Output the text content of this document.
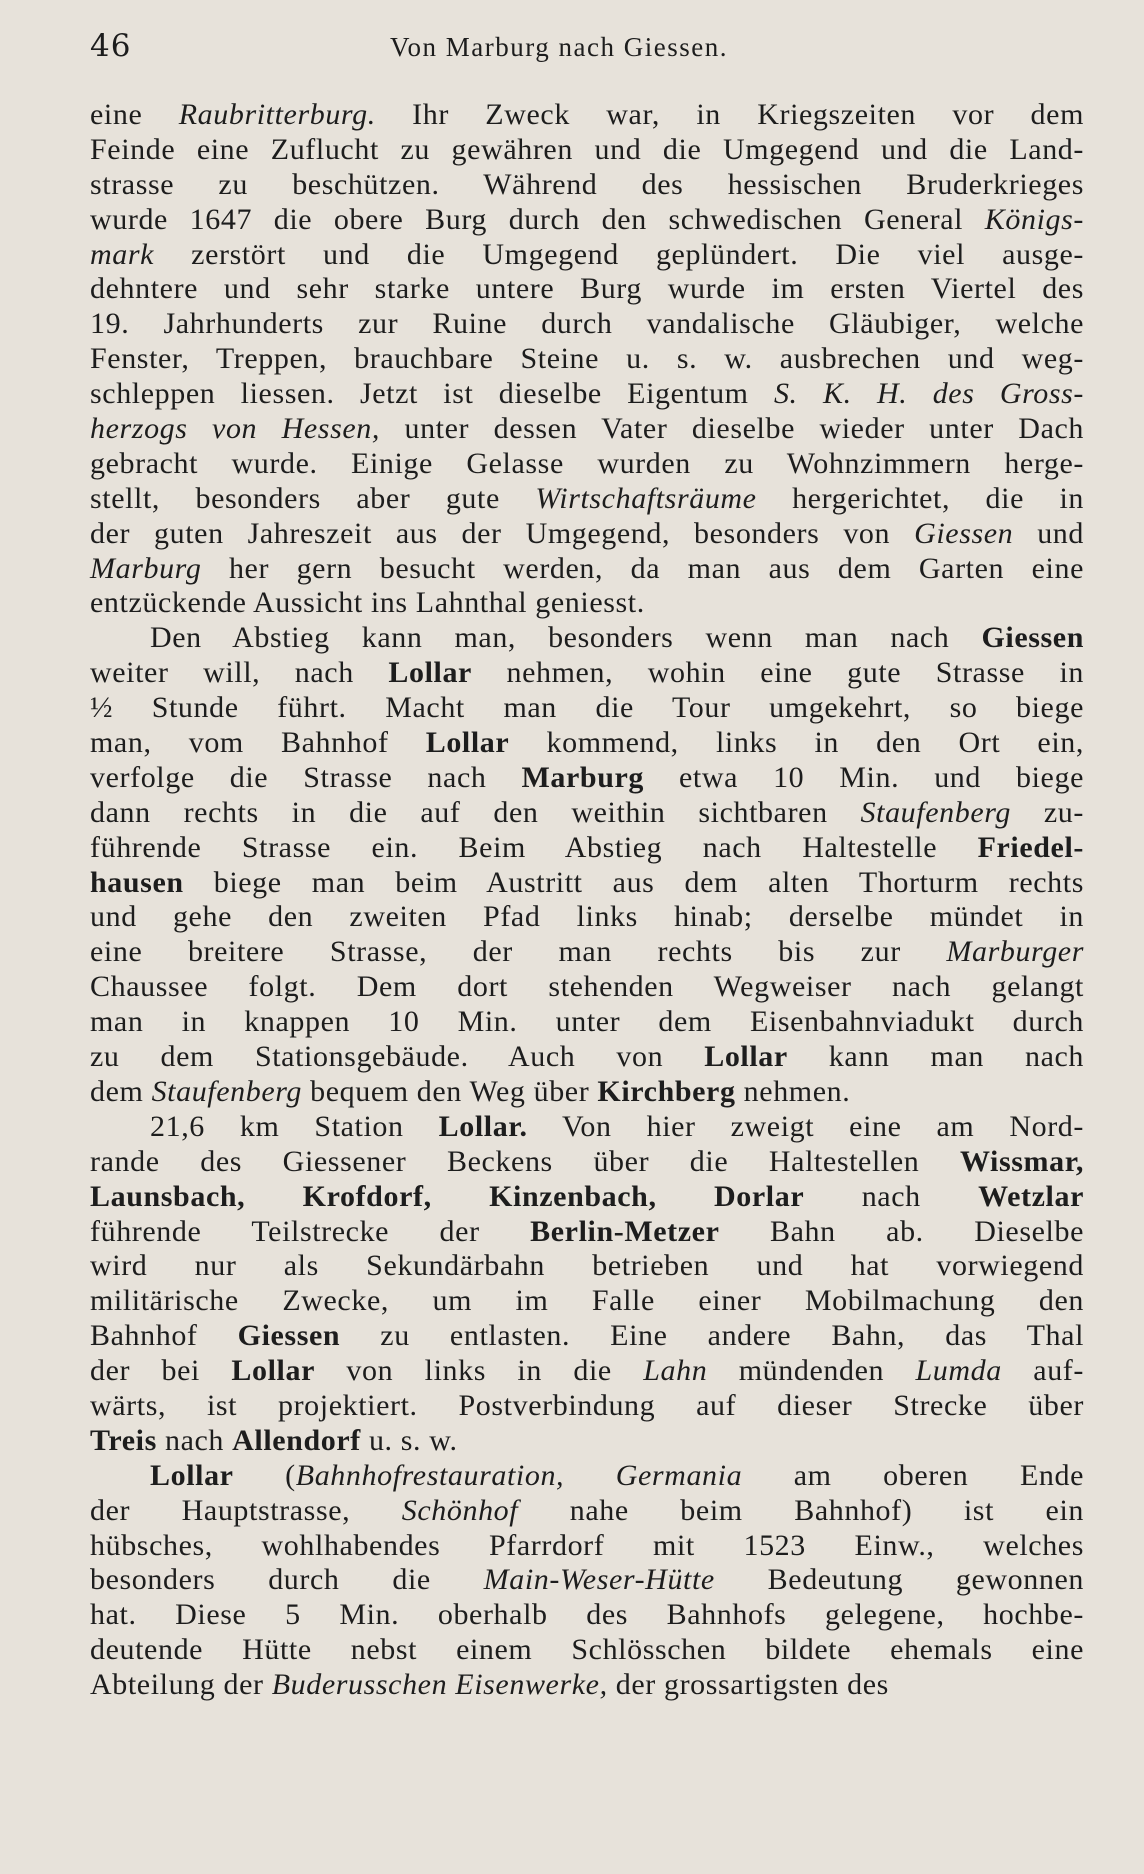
46	Von Marburg nach Giessen.
eine Raubritterburg. Ihr Zweck war, in Kriegszeiten vor dem
Feinde eine Zuflucht zu gewähren und die Umgegend und die Land-
strasse zu beschützen. Während des hessischen Bruderkrieges
wurde 1647 die obere Burg durch den schwedischen General Königs-
mark zerstört und die Umgegend geplündert. Die viel ausge-
dehntere und sehr starke untere Burg wurde im ersten Viertel des
19. Jahrhunderts zur Ruine durch vandalische Gläubiger, welche
Fenster, Treppen, brauchbare Steine u. s. w. ausbrechen und weg-
schleppen liessen. Jetzt ist dieselbe Eigentum S. K. H. des Gross-
herzogs von Hessen, unter dessen Vater dieselbe wieder unter Dach
gebracht wurde. Einige Gelasse wurden zu Wohnzimmern herge-
stellt, besonders aber gute Wirtschaftsräume hergerichtet, die in
der guten Jahreszeit aus der Umgegend, besonders von Giessen und
Marburg her gern besucht werden, da man aus dem Garten eine
entzückende Aussicht ins Lahnthal geniesst.
Den Abstieg kann man, besonders wenn man nach Giessen
weiter will, nach Lollar nehmen, wohin eine gute Strasse in
½ Stunde führt. Macht man die Tour umgekehrt, so biege
man, vom Bahnhof Lollar kommend, links in den Ort ein,
verfolge die Strasse nach Marburg etwa 10 Min. und biege
dann rechts in die auf den weithin sichtbaren Staufenberg zu-
führende Strasse ein. Beim Abstieg nach Haltestelle Friedel-
hausen biege man beim Austritt aus dem alten Thorturm rechts
und gehe den zweiten Pfad links hinab; derselbe mündet in
eine breitere Strasse, der man rechts bis zur Marburger
Chaussee folgt. Dem dort stehenden Wegweiser nach gelangt
man in knappen 10 Min. unter dem Eisenbahnviadukt durch
zu dem Stationsgebäude. Auch von Lollar kann man nach
dem Staufenberg bequem den Weg über Kirchberg nehmen.
21,6 km Station Lollar. Von hier zweigt eine am Nord-
rande des Giessener Beckens über die Haltestellen Wissmar,
Launsbach, Krofdorf, Kinzenbach, Dorlar nach Wetzlar
führende Teilstrecke der Berlin-Metzer Bahn ab. Dieselbe
wird nur als Sekundärbahn betrieben und hat vorwiegend
militärische Zwecke, um im Falle einer Mobilmachung den
Bahnhof Giessen zu entlasten. Eine andere Bahn, das Thal
der bei Lollar von links in die Lahn mündenden Lumda auf-
wärts, ist projektiert. Postverbindung auf dieser Strecke über
Treis nach Allendorf u. s. w.
Lollar (Bahnhofrestauration, Germania am oberen Ende
der Hauptstrasse, Schönhof nahe beim Bahnhof) ist ein
hübsches, wohlhabendes Pfarrdorf mit 1523 Einw., welches
besonders durch die Main-Weser-Hütte Bedeutung gewonnen
hat. Diese 5 Min. oberhalb des Bahnhofs gelegene, hochbe-
deutende Hütte nebst einem Schlösschen bildete ehemals eine
Abteilung der Buderusschen Eisenwerke, der grossartigsten des
